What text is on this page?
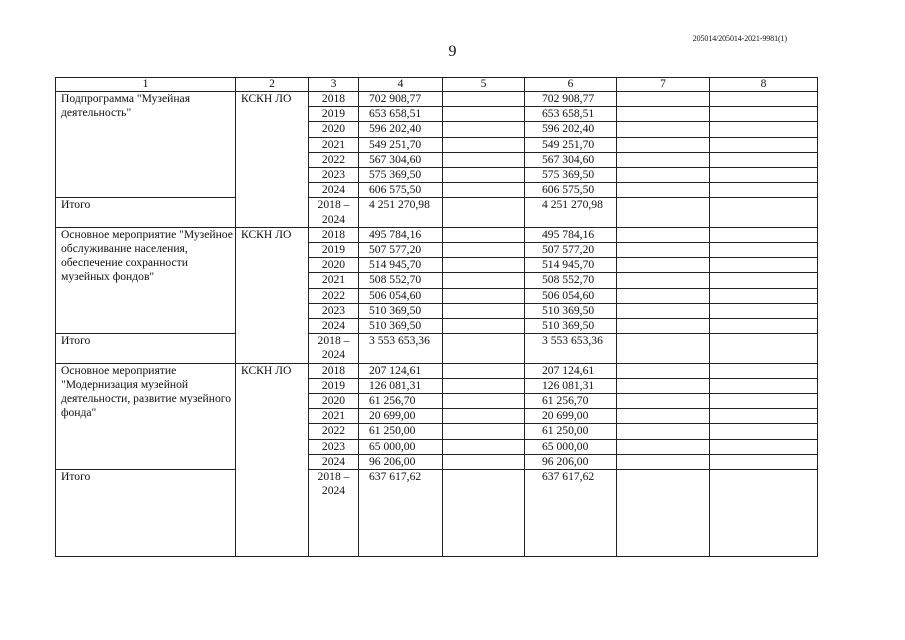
205014/205014-2021-9981(1)
9
1	2	3	4	5	6	7	8
Подпрограмма "Музейная деятельность"	КСКН ЛО	2018	702 908,77		702 908,77		
		2019	653 658,51		653 658,51		
		2020	596 202,40		596 202,40		
		2021	549 251,70		549 251,70		
		2022	567 304,60		567 304,60		
		2023	575 369,50		575 369,50		
		2024	606 575,50		606 575,50		
Итого		2018 – 2024	4 251 270,98		4 251 270,98		
Основное мероприятие "Музейное обслуживание населения, обеспечение сохранности музейных фондов"	КСКН ЛО	2018	495 784,16		495 784,16		
		2019	507 577,20		507 577,20		
		2020	514 945,70		514 945,70		
		2021	508 552,70		508 552,70		
		2022	506 054,60		506 054,60		
		2023	510 369,50		510 369,50		
		2024	510 369,50		510 369,50		
Итого		2018 – 2024	3 553 653,36		3 553 653,36		
Основное мероприятие "Модернизация музейной деятельности, развитие музейного фонда"	КСКН ЛО	2018	207 124,61		207 124,61		
		2019	126 081,31		126 081,31		
		2020	61 256,70		61 256,70		
		2021	20 699,00		20 699,00		
		2022	61 250,00		61 250,00		
		2023	65 000,00		65 000,00		
		2024	96 206,00		96 206,00		
Итого		2018 – 2024	637 617,62		637 617,62		
